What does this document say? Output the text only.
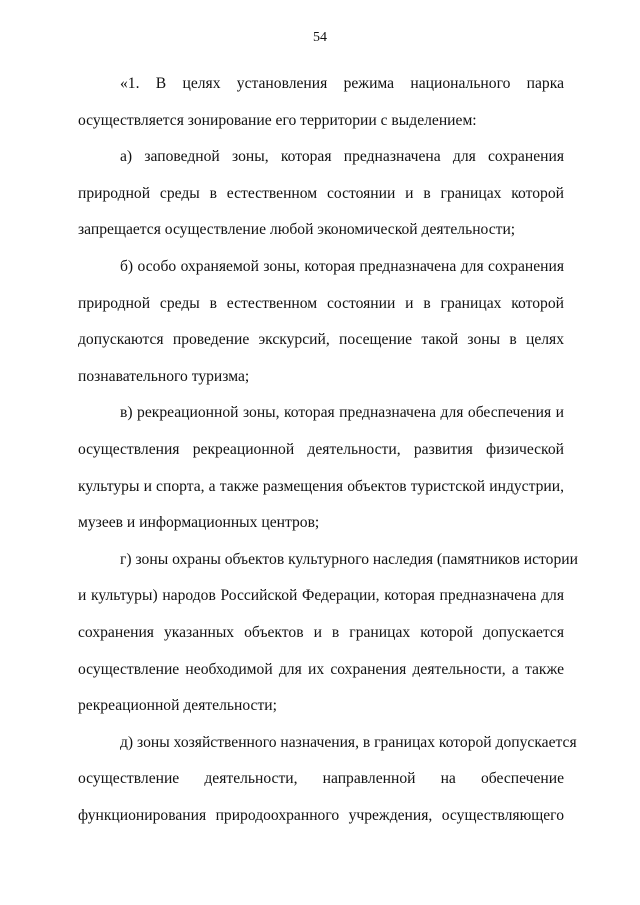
54

«1. В целях установления режима национального парка
осуществляется зонирование его территории с выделением:

а) заповедной зоны, которая предназначена для сохранения
природной среды в естественном состоянии и в границах которой
запрещается осуществление любой экономической деятельности;

б) особо охраняемой зоны, которая предназначена для сохранения
природной среды в естественном состоянии и в границах которой
допускаются проведение экскурсий, посещение такой зоны в целях
познавательного туризма;

в) рекреационной зоны, которая предназначена для обеспечения и
осуществления рекреационной деятельности, развития физической
культуры и спорта, а также размещения объектов туристской индустрии,
музеев и информационных центров;

г) зоны охраны объектов культурного наследия (памятников истории
и культуры) народов Российской Федерации, которая предназначена для
сохранения указанных объектов и в границах которой допускается
осуществление необходимой для их сохранения деятельности, а также
рекреационной деятельности;

д) зоны хозяйственного назначения, в границах которой допускается
осуществление деятельности, направленной на обеспечение
функционирования природоохранного учреждения, осуществляющего
